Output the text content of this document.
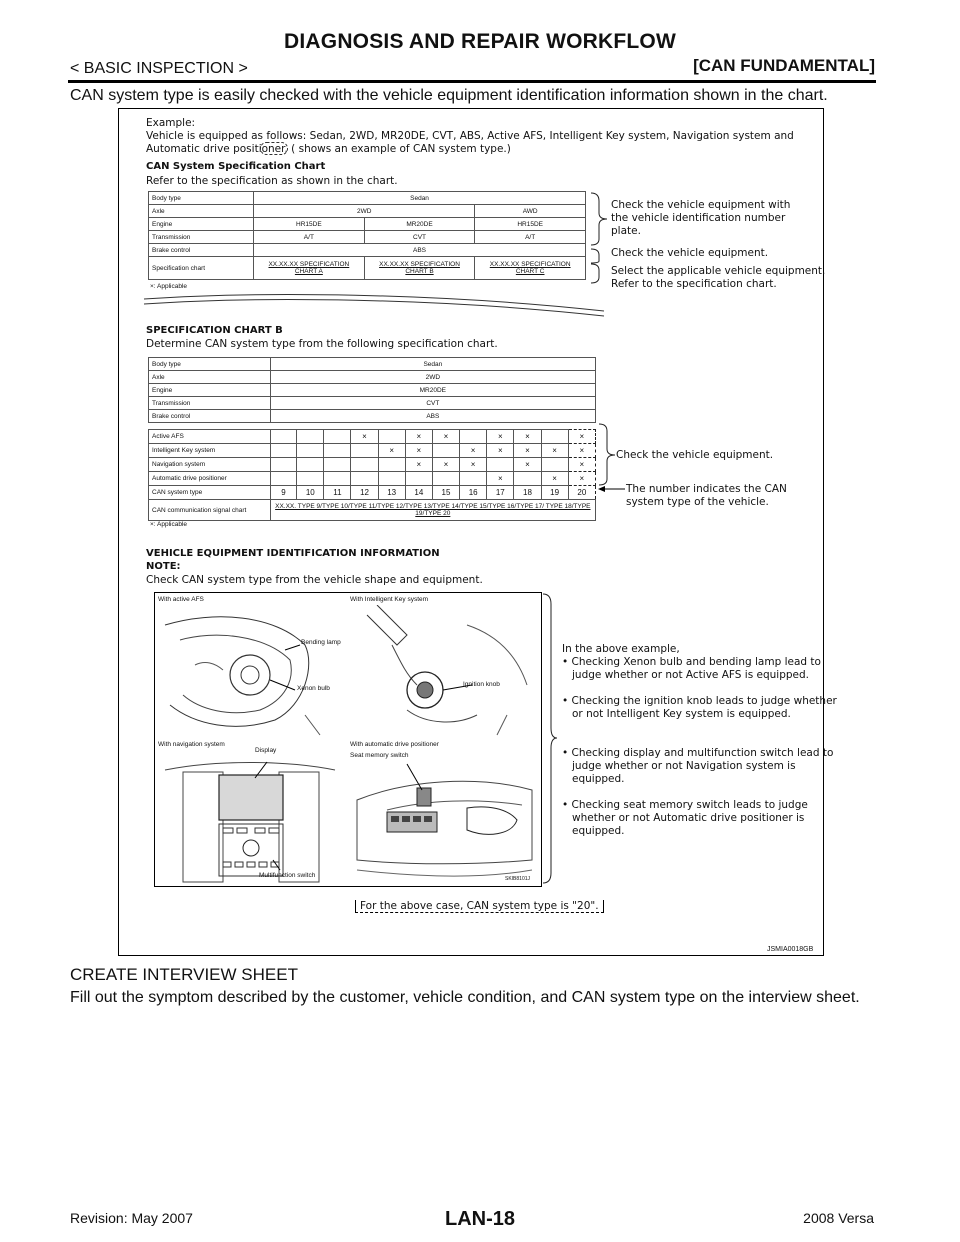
DIAGNOSIS AND REPAIR WORKFLOW
< BASIC INSPECTION >	[CAN FUNDAMENTAL]
CAN system type is easily checked with the vehicle equipment identification information shown in the chart.
Example:
Vehicle is equipped as follows: Sedan, 2WD, MR20DE, CVT, ABS, Active AFS, Intelligent Key system, Navigation system and
Automatic drive positioner. ( shows an example of CAN system type.)
CAN System Specification Chart
Refer to the specification as shown in the chart.
Body type	Sedan		
Axle	2WD		AWD
Engine	HR15DE	MR20DE	HR15DE
Transmission	A/T	CVT	A/T
Brake control	ABS		
Specification chart	XX.XX.XX SPECIFICATION CHART A	XX.XX.XX SPECIFICATION CHART B	XX.XX.XX SPECIFICATION CHART C
×: Applicable
Check the vehicle equipment with
the vehicle identification number
plate.
Check the vehicle equipment.
Select the applicable vehicle equipment.
Refer to the specification chart.
SPECIFICATION CHART B
Determine CAN system type from the following specification chart.
Body type	Sedan											
Axle	2WD											
Engine	MR20DE											
Transmission	CVT											
Brake control	ABS											

Active AFS				×		×	×		×	×		×
Intelligent Key system					×	×		×	×	×	×	×
Navigation system						×	×	×		×		×
Automatic drive positioner									×		×	×
CAN system type	9	10	11	12	13	14	15	16	17	18	19	20
CAN communication signal chart	XX.XX. TYPE 9/TYPE 10/TYPE 11/TYPE 12/TYPE 13/TYPE 14/TYPE 15/TYPE 16/TYPE 17/ TYPE 18/TYPE 19/TYPE 20											
×: Applicable
Check the vehicle equipment.
The number indicates the CAN
system type of the vehicle.
VEHICLE EQUIPMENT IDENTIFICATION INFORMATION
NOTE:
Check CAN system type from the vehicle shape and equipment.
With active AFS
Bending lamp
Xenon bulb
With Intelligent Key system
Ignition knob
With navigation system
Display
Multifunction switch
With automatic drive positioner
Seat memory switch
SKIB8101J
In the above example,
• Checking Xenon bulb and bending lamp lead to
judge whether or not Active AFS is equipped.

• Checking the ignition knob leads to judge whether
or not Intelligent Key system is equipped.

• Checking display and multifunction switch lead to
judge whether or not Navigation system is
equipped.

• Checking seat memory switch leads to judge
whether or not Automatic drive positioner is
equipped.
For the above case, CAN system type is "20".
JSMIA0018GB
CREATE INTERVIEW SHEET
Fill out the symptom described by the customer, vehicle condition, and CAN system type on the interview sheet.
LAN-18
Revision: May 2007	2008 Versa
